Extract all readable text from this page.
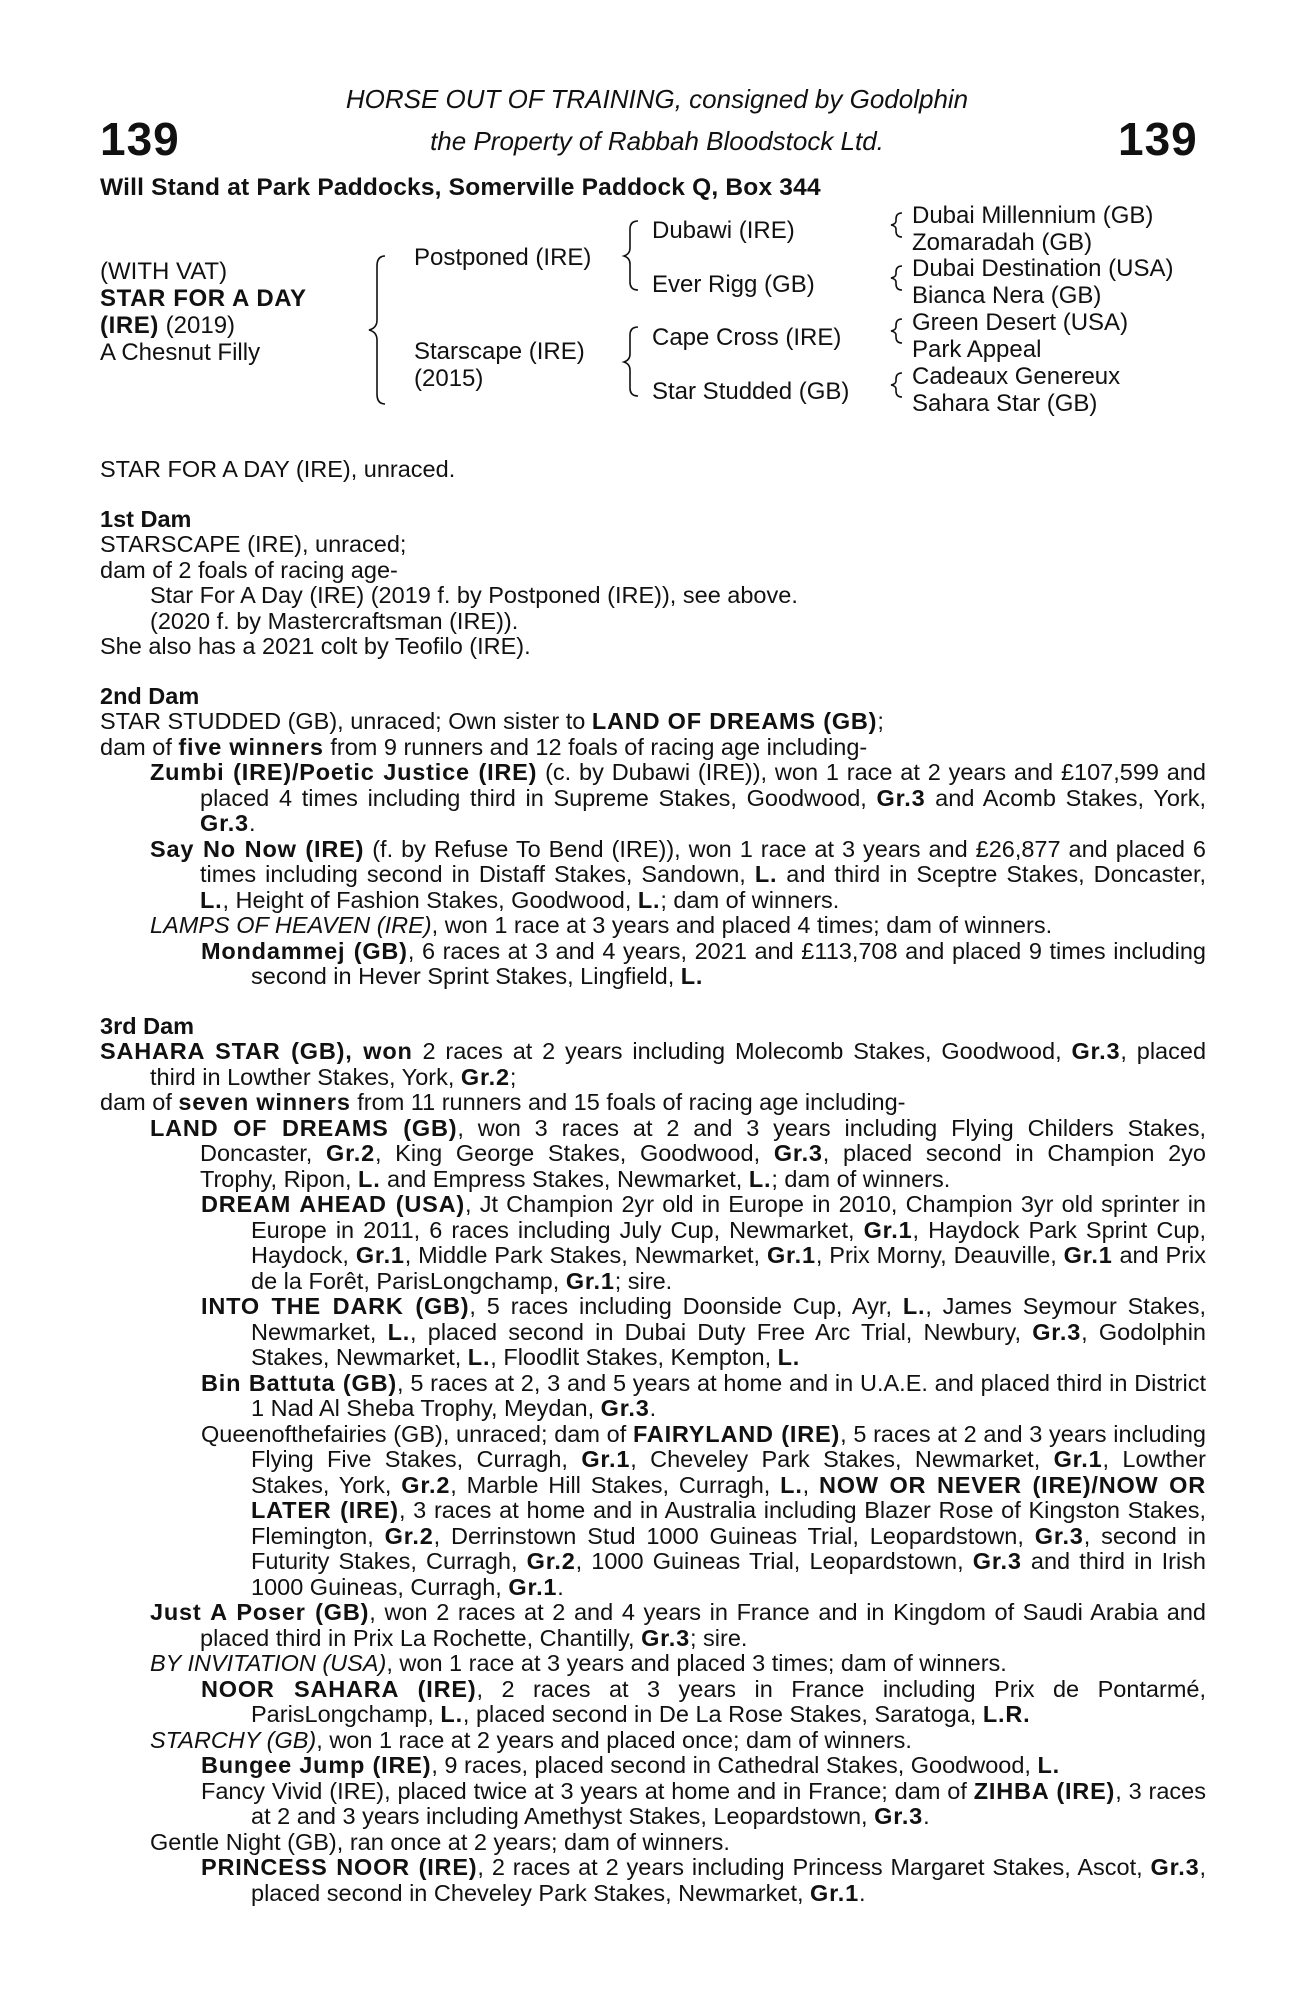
139	139
HORSE OUT OF TRAINING, consigned by Godolphin
the Property of Rabbah Bloodstock Ltd.
Will Stand at Park Paddocks, Somerville Paddock Q, Box 344
(WITH VAT)
STAR FOR A DAY
(IRE) (2019)
A Chesnut Filly
Postponed (IRE)
Starscape (IRE)
(2015)
Dubawi (IRE)
Ever Rigg (GB)
Cape Cross (IRE)
Star Studded (GB)
Dubai Millennium (GB)
Zomaradah (GB)
Dubai Destination (USA)
Bianca Nera (GB)
Green Desert (USA)
Park Appeal
Cadeaux Genereux
Sahara Star (GB)

STAR FOR A DAY (IRE), unraced.

1st Dam

STARSCAPE (IRE), unraced;

dam of 2 foals of racing age-

Star For A Day (IRE) (2019 f. by Postponed (IRE)), see above.

(2020 f. by Mastercraftsman (IRE)).

She also has a 2021 colt by Teofilo (IRE).

2nd Dam

STAR STUDDED (GB), unraced; Own sister to LAND OF DREAMS (GB);

dam of five winners from 9 runners and 12 foals of racing age including-

Zumbi (IRE)/Poetic Justice (IRE) (c. by Dubawi (IRE)), won 1 race at 2 years and £107,599 and placed 4 times including third in Supreme Stakes, Goodwood, Gr.3 and Acomb Stakes, York, Gr.3.

Say No Now (IRE) (f. by Refuse To Bend (IRE)), won 1 race at 3 years and £26,877 and placed 6 times including second in Distaff Stakes, Sandown, L. and third in Sceptre Stakes, Doncaster, L., Height of Fashion Stakes, Goodwood, L.; dam of winners.

LAMPS OF HEAVEN (IRE), won 1 race at 3 years and placed 4 times; dam of winners.

Mondammej (GB), 6 races at 3 and 4 years, 2021 and £113,708 and placed 9 times including second in Hever Sprint Stakes, Lingfield, L.

3rd Dam

SAHARA STAR (GB), won 2 races at 2 years including Molecomb Stakes, Goodwood, Gr.3, placed third in Lowther Stakes, York, Gr.2;

dam of seven winners from 11 runners and 15 foals of racing age including-

LAND OF DREAMS (GB), won 3 races at 2 and 3 years including Flying Childers Stakes, Doncaster, Gr.2, King George Stakes, Goodwood, Gr.3, placed second in Champion 2yo Trophy, Ripon, L. and Empress Stakes, Newmarket, L.; dam of winners.

DREAM AHEAD (USA), Jt Champion 2yr old in Europe in 2010, Champion 3yr old sprinter in Europe in 2011, 6 races including July Cup, Newmarket, Gr.1, Haydock Park Sprint Cup, Haydock, Gr.1, Middle Park Stakes, Newmarket, Gr.1, Prix Morny, Deauville, Gr.1 and Prix de la Forêt, ParisLongchamp, Gr.1; sire.

INTO THE DARK (GB), 5 races including Doonside Cup, Ayr, L., James Seymour Stakes, Newmarket, L., placed second in Dubai Duty Free Arc Trial, Newbury, Gr.3, Godolphin Stakes, Newmarket, L., Floodlit Stakes, Kempton, L.

Bin Battuta (GB), 5 races at 2, 3 and 5 years at home and in U.A.E. and placed third in District 1 Nad Al Sheba Trophy, Meydan, Gr.3.

Queenofthefairies (GB), unraced; dam of FAIRYLAND (IRE), 5 races at 2 and 3 years including Flying Five Stakes, Curragh, Gr.1, Cheveley Park Stakes, Newmarket, Gr.1, Lowther Stakes, York, Gr.2, Marble Hill Stakes, Curragh, L., NOW OR NEVER (IRE)/NOW OR LATER (IRE), 3 races at home and in Australia including Blazer Rose of Kingston Stakes, Flemington, Gr.2, Derrinstown Stud 1000 Guineas Trial, Leopardstown, Gr.3, second in Futurity Stakes, Curragh, Gr.2, 1000 Guineas Trial, Leopardstown, Gr.3 and third in Irish 1000 Guineas, Curragh, Gr.1.

Just A Poser (GB), won 2 races at 2 and 4 years in France and in Kingdom of Saudi Arabia and placed third in Prix La Rochette, Chantilly, Gr.3; sire.

BY INVITATION (USA), won 1 race at 3 years and placed 3 times; dam of winners.

NOOR SAHARA (IRE), 2 races at 3 years in France including Prix de Pontarmé, ParisLongchamp, L., placed second in De La Rose Stakes, Saratoga, L.R.

STARCHY (GB), won 1 race at 2 years and placed once; dam of winners.

Bungee Jump (IRE), 9 races, placed second in Cathedral Stakes, Goodwood, L.

Fancy Vivid (IRE), placed twice at 3 years at home and in France; dam of ZIHBA (IRE), 3 races at 2 and 3 years including Amethyst Stakes, Leopardstown, Gr.3.

Gentle Night (GB), ran once at 2 years; dam of winners.

PRINCESS NOOR (IRE), 2 races at 2 years including Princess Margaret Stakes, Ascot, Gr.3, placed second in Cheveley Park Stakes, Newmarket, Gr.1.
